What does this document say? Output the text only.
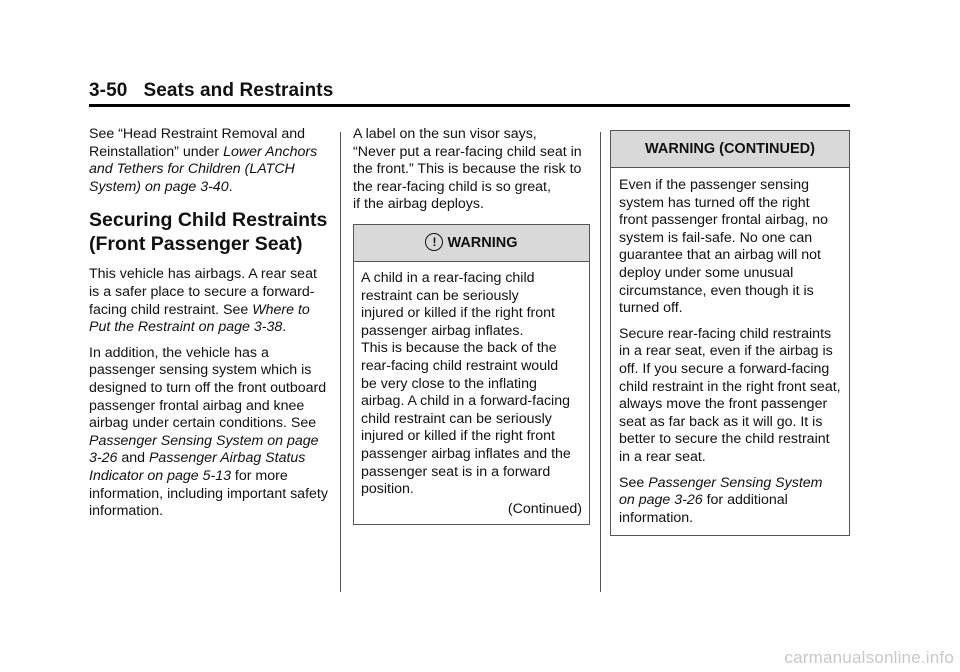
3-50 Seats and Restraints

See “Head Restraint Removal and Reinstallation” under Lower Anchors and Tethers for Children (LATCH System) on page 3-40.

Securing Child Restraints (Front Passenger Seat)

This vehicle has airbags. A rear seat is a safer place to secure a forward-facing child restraint. See Where to Put the Restraint on page 3-38.

In addition, the vehicle has a passenger sensing system which is designed to turn off the front outboard passenger frontal airbag and knee airbag under certain conditions. See Passenger Sensing System on page 3-26 and Passenger Airbag Status Indicator on page 5-13 for more information, including important safety information.

A label on the sun visor says,
“Never put a rear-facing child seat in
the front.” This is because the risk to
the rear-facing child is so great,
if the airbag deploys.

! WARNING

A child in a rear-facing child
restraint can be seriously
injured or killed if the right front
passenger airbag inflates.
This is because the back of the
rear-facing child restraint would
be very close to the inflating
airbag. A child in a forward-facing
child restraint can be seriously
injured or killed if the right front
passenger airbag inflates and the
passenger seat is in a forward
position.

(Continued)

WARNING (CONTINUED)

Even if the passenger sensing system has turned off the right front passenger frontal airbag, no system is fail-safe. No one can guarantee that an airbag will not deploy under some unusual circumstance, even though it is turned off.

Secure rear-facing child restraints in a rear seat, even if the airbag is off. If you secure a forward-facing child restraint in the right front seat, always move the front passenger seat as far back as it will go. It is better to secure the child restraint in a rear seat.

See Passenger Sensing System on page 3-26 for additional information.

carmanualsonline.info
